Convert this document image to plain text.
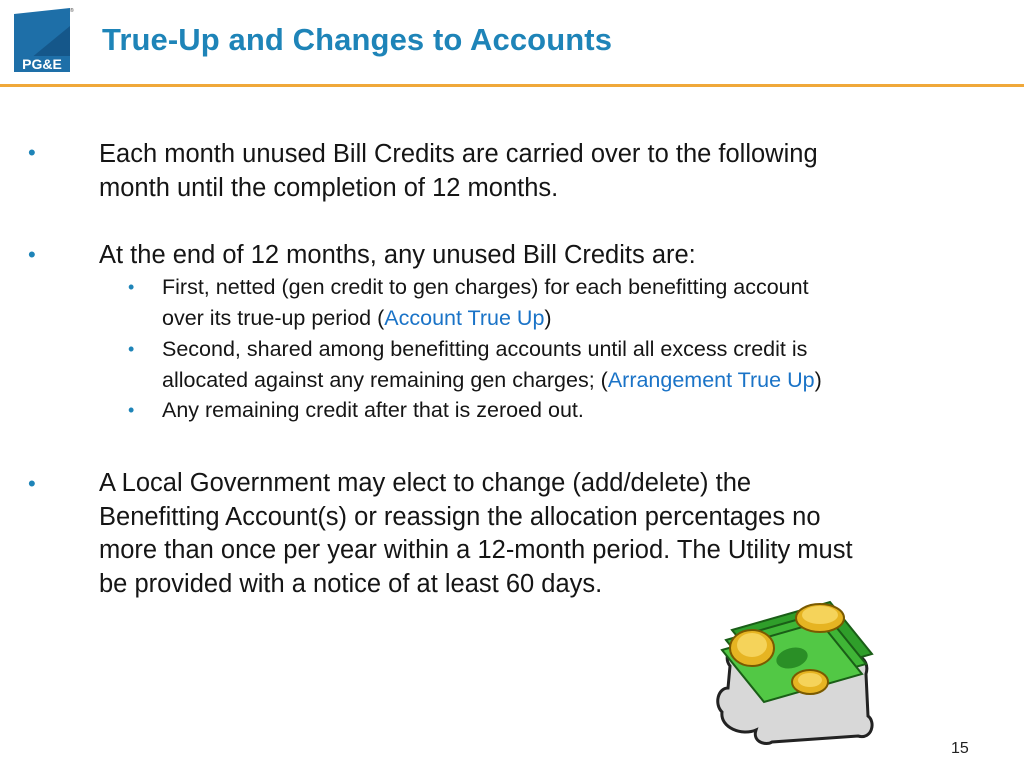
PG&E
®
True-Up and Changes to Accounts
• Each month unused Bill Credits are carried over to the following
month until the completion of 12 months.
• At the end of 12 months, any unused Bill Credits are:
• First, netted (gen credit to gen charges) for each benefitting account
over its true-up period (Account True Up)
• Second, shared among benefitting accounts until all excess credit is
allocated against any remaining gen charges; (Arrangement True Up)
• Any remaining credit after that is zeroed out.
• A Local Government may elect to change (add/delete) the
Benefitting Account(s) or reassign the allocation percentages no
more than once per year within a 12-month period. The Utility must
be provided with a notice of at least 60 days.
15
